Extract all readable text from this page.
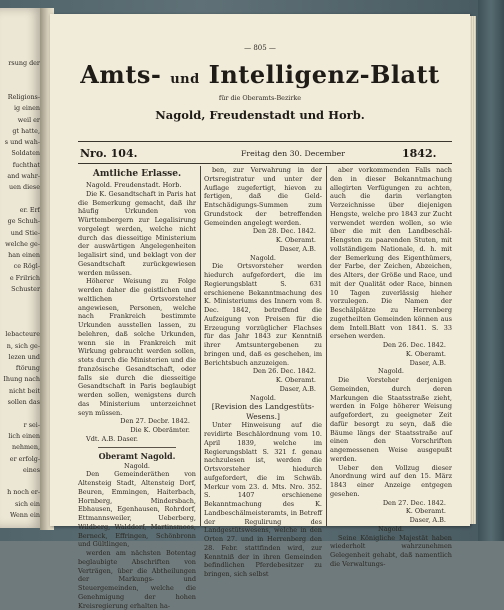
rsung der
Religions-
ig einen
weil er
gt hatte,
s und wah-
Soldaten
fuchthat
and wahr-
uen diese
er. Erf
ge Schuh-
und Stie-
welche ge-
han einen
ce Rögl-
e Frilrich
Schuster
lebacteure
n, sich ge-
lezen und
ftörung
Ihung nach
nicht beit
sollen das
r sei-
lich einen
nehmen,
er erfolg-
eines
h noch er-
sich ein
Wenn ein
— 805 —
Amts- und Intelligenz-Blatt
für die Oberamts-Bezirke
Nagold, Freudenstadt und Horb.
Nro. 104.	Freitag den 30. December	1842.

Amtliche Erlasse.

Nagold. Freudenstadt. Horb.

Die K. Gesandtschaft in Paris hat die Bemerkung gemacht, daß ihr häufig Urkunden von Württembergern zur Legalisirung vorgelegt werden, welche nicht durch das diesseitige Ministerium der auswärtigen Angelegenheiten legalisirt sind, und beklagt von der Gesandtschaft zurückgewiesen werden müssen.

Höherer Weisung zu Folge werden daher die geistlichen und weltlichen Ortsvorsteher angewiesen, Personen, welche nach Frankreich bestimmte Urkunden ausstellen lassen, zu belehren, daß solche Urkunden, wenn sie in Frankreich mit Wirkung gebraucht werden sollen, stets durch die Ministerien und die französische Gesandtschaft, oder falls sie durch die diesseitige Gesandtschaft in Paris beglaubigt werden sollen, wenigstens durch das Ministerium unterzeichnet seyn müssen.

Den 27. Decbr. 1842.

Die K. Oberämter.

Vdt. A.B. Daser.

Oberamt Nagold.

Nagold.

Den Gemeinderäthen von Altensteig Stadt, Altensteig Dorf, Beuren, Emmingen, Haiterbach, Hornberg, Mindersbach, Ebhausen, Egenhausen, Rohrdorf, Ettmannsweiler, Ueberberg, Wildberg, Walddorf, Martinsmoos, Berneck, Effringen, Schönbronn und Gültlingen,

werden am nächsten Botentag beglaubigte Abschriften von Verträgen, über die Abtheilungen der Markungs- und Steuergemeinden, welche die Genehmigung der hohen Kreisregierung erhalten ha-

ben, zur Verwahrung in der Ortsregistratur und unter der Auflage zugefertigt, hievon zu fertigen, daß die Geld-Entschädigungs-Summen zum Grundstock der betreffenden Gemeinden angelegt werden.

Den 28. Dec. 1842.

K. Oberamt.

Daser, A.B.

Nagold.

Die Ortsvorsteher werden hiedurch aufgefordert, die im Regierungsblatt S. 631 erschienene Bekanntmachung des K. Ministeriums des Innern vom 8. Dec. 1842, betreffend die Aufzeigung von Preisen für die Erzeugung vorzüglicher Flachses für das Jahr 1843 zur Kenntniß ihrer Amtsuntergebenen zu bringen und, daß es geschehen, im Berichtsbuch anzuzeigen.

Den 26. Dec. 1842.

K. Oberamt.

Daser, A.B.

Nagold.

[Revision des Landgestüts-Wesens.]

Unter Hinweisung auf die revidirte Beschälordnung vom 10. April 1839, welche im Regierungsblatt S. 321 f. genau nachzulesen ist, werden die Ortsvorsteher hiedurch aufgefordert, die im Schwäb. Merkur vom 23. d. Mts. Nro. 352. S. 1407 erschienene Bekanntmachung des K. Landbeschälmeisteramts, in Betreff der Regulirung des Landgestütswesens, welche in den Orten 27. und in Herrenberg den 28. Febr. stattfinden wird, zur Kenntniß der in ihren Gemeinden befindlichen Pferdebesitzer zu bringen, sich selbst

aber vorkommenden Falls nach den in dieser Bekanntmachung allegirten Verfügungen zu achten, auch die darin verlangten Verzeichnisse über diejenigen Hengste, welche pro 1843 zur Zucht verwendet werden wollen, so wie über die mit den Landbeschäl-Hengsten zu paarenden Stuten, mit vollständigem Nationale, d. h. mit der Bemerkung des Eigenthümers, der Farbe, der Zeichen, Abzeichen, des Alters, der Größe und Race, und mit der Qualität oder Race, binnen 10 Tagen zuverlässig hieher vorzulegen. Die Namen der Beschälplätze zu Herrenberg zugetheilten Gemeinden können aus dem Intell.Blatt von 1841. S. 33 ersehen werden.

Den 26. Dec. 1842.

K. Oberamt.

Daser, A.B.

Nagold.

Die Vorsteher derjenigen Gemeinden, durch deren Markungen die Staatsstraße zieht, werden in Folge höherer Weisung aufgefordert, zu geeigneter Zeit dafür besorgt zu seyn, daß die Bäume längs der Staatsstraße auf einen den Vorschriften angemessenen Weise ausgepußt werden.

Ueber den Vollzug dieser Anordnung wird auf den 15. März 1843 einer Anzeige entgegen gesehen.

Den 27. Dec. 1842.

K. Oberamt.

Daser, A.B.

Nagold.

Seine Königliche Majestät haben wiederholt wahrzunehmen Gelegenheit gehabt, daß namentlich die Verwaltungs-
